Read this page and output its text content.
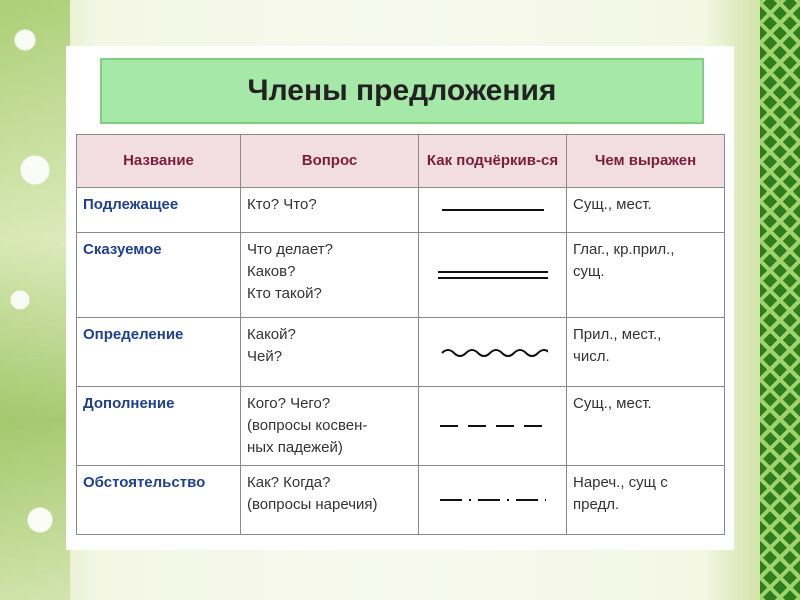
Члены предложения
Название	Вопрос	Как подчёркив-ся	Чем выражен
Подлежащее	Кто? Что?		Сущ., мест.
Сказуемое	Что делает?
Каков?
Кто такой?		Глаг., кр.прил.,
сущ.
Определение	Какой?
Чей?		Прил., мест.,
числ.
Дополнение	Кого? Чего?
(вопросы косвен-
ных падежей)		Сущ., мест.
Обстоятельство	Как? Когда?
(вопросы наречия)		Нареч., сущ с
предл.
